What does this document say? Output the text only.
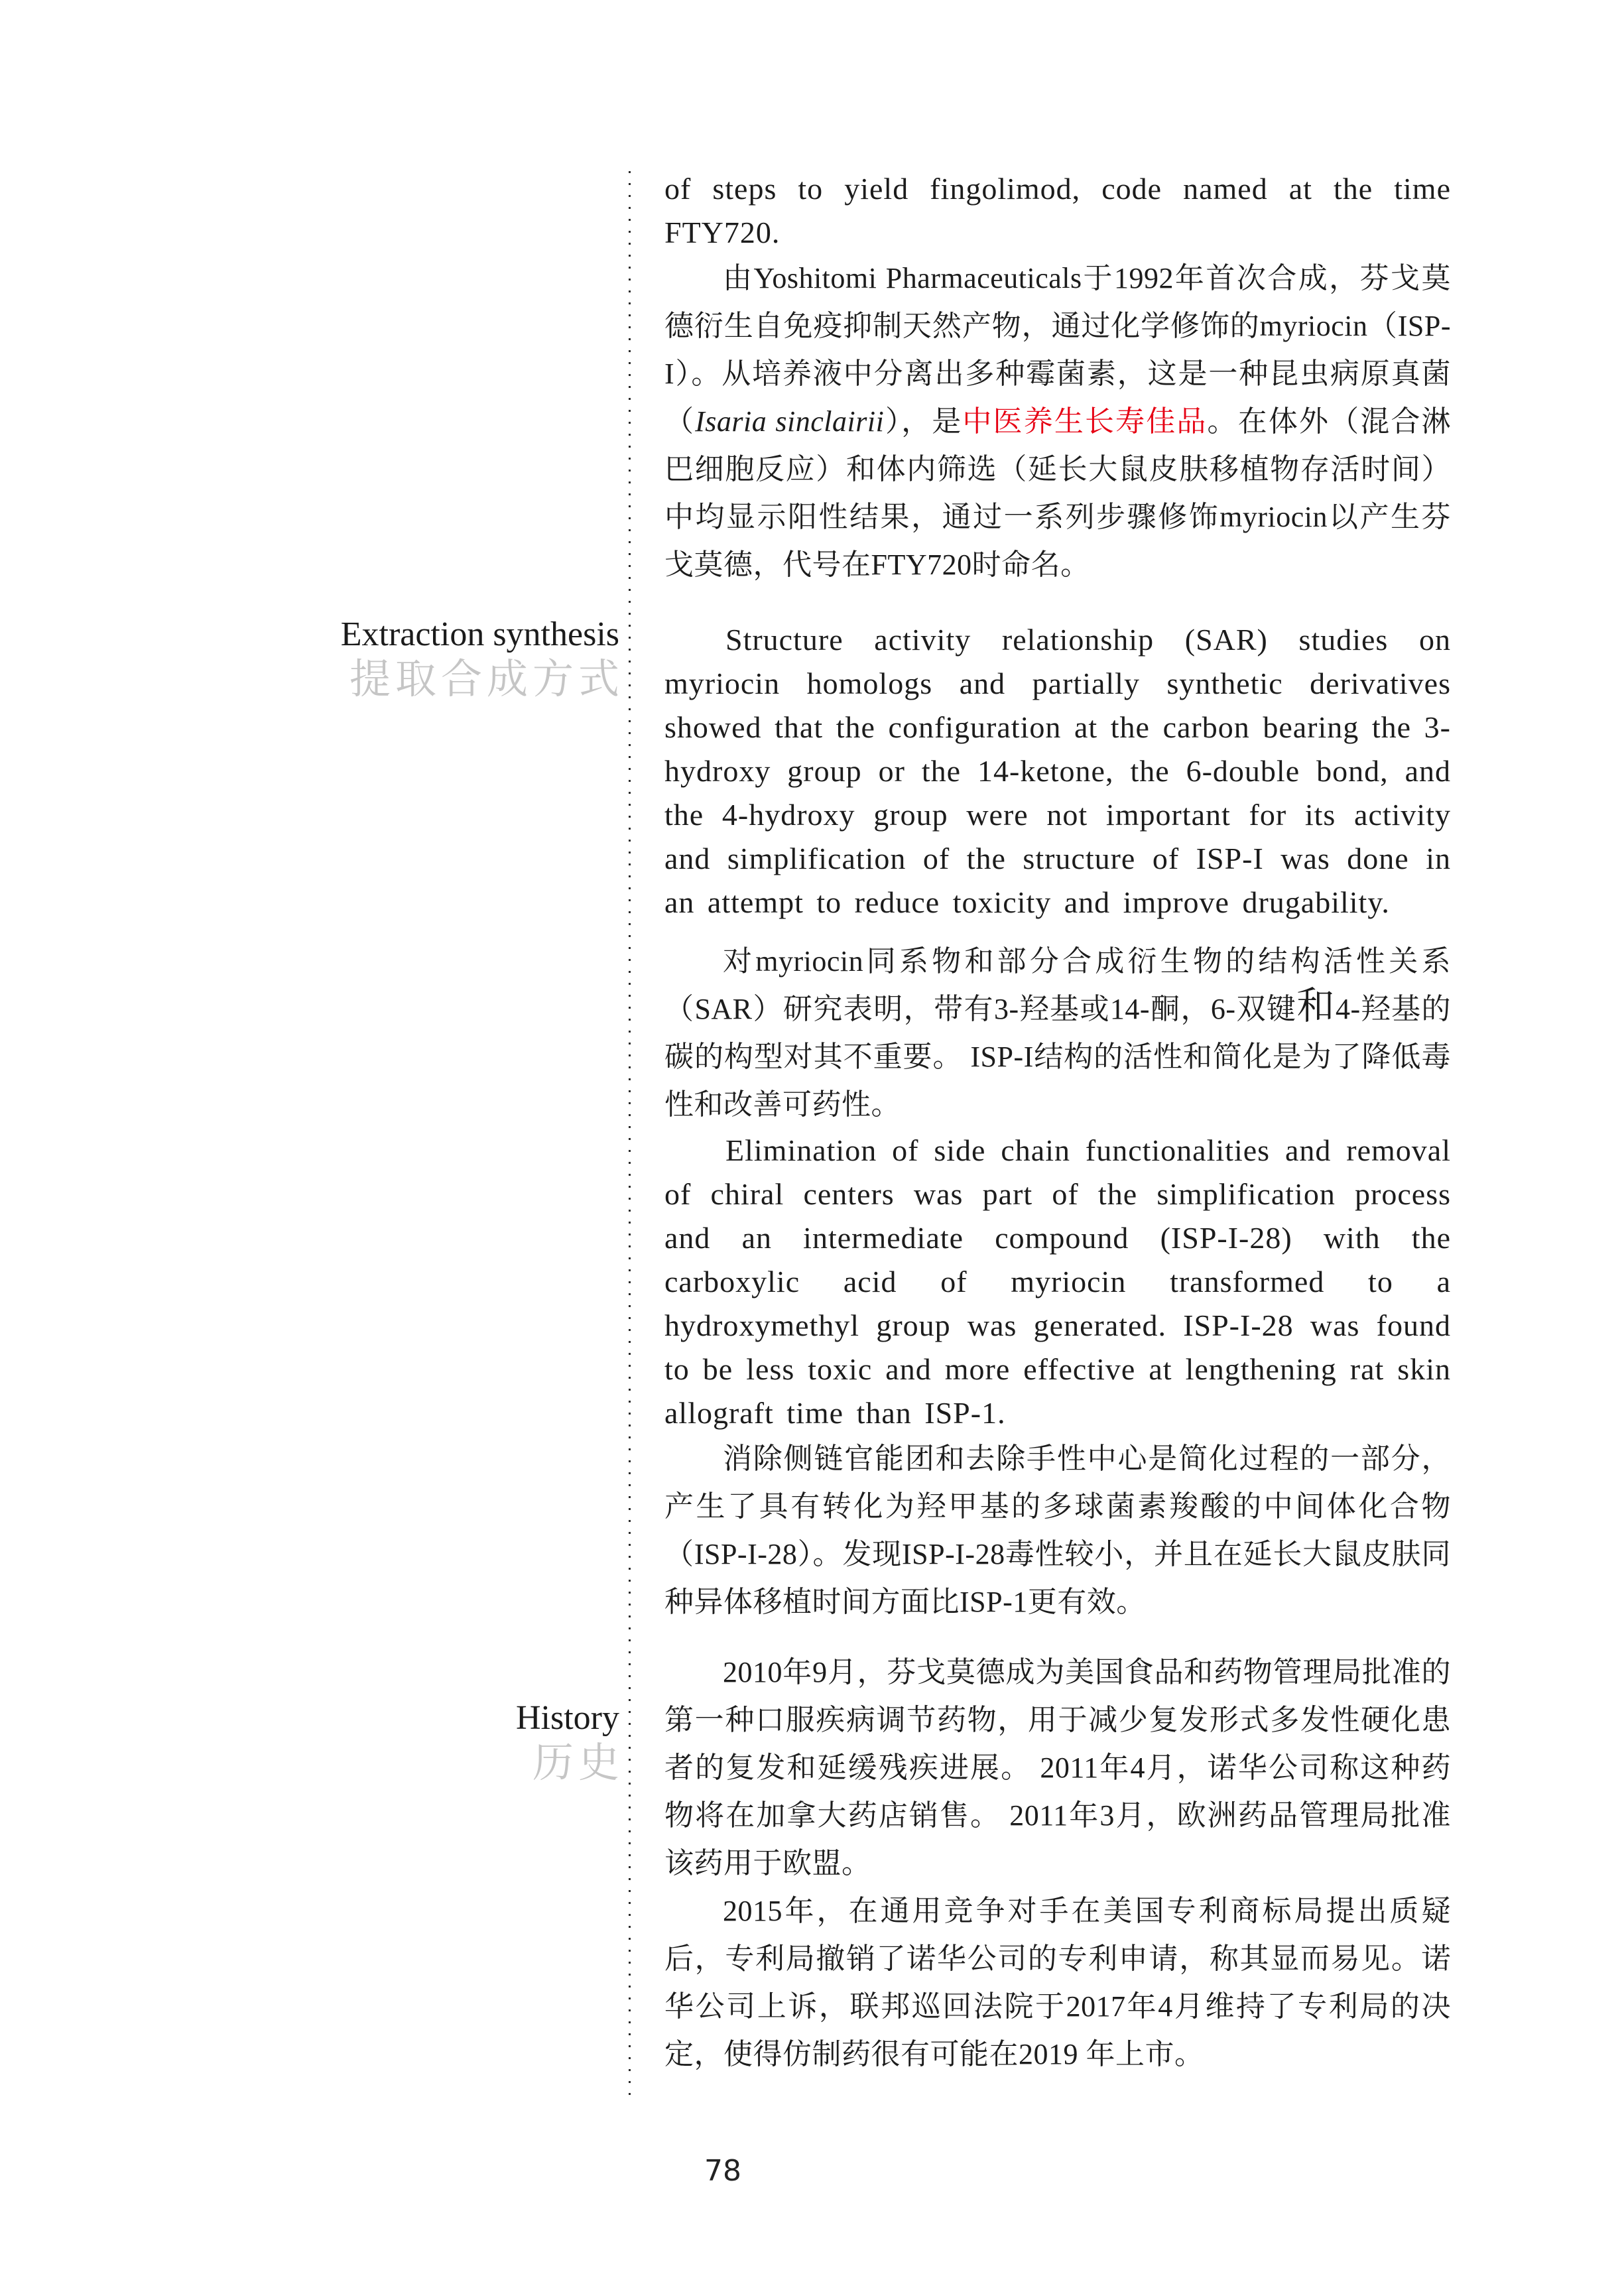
Extraction synthesis
提取合成方式
History
历史

of steps to yield fingolimod, code named at the time FTY720.

由Yoshitomi Pharmaceuticals于1992年首次合成，芬戈莫德衍生自免疫抑制天然产物，通过化学修饰的myriocin（ISP-I）。从培养液中分离出多种霉菌素，这是一种昆虫病原真菌（Isaria sinclairii），是中医养生长寿佳品。在体外（混合淋巴细胞反应）和体内筛选（延长大鼠皮肤移植物存活时间）中均显示阳性结果，通过一系列步骤修饰myriocin以产生芬戈莫德，代号在FTY720时命名。

Structure activity relationship (SAR) studies on myriocin homologs and partially synthetic derivatives showed that the configuration at the carbon bearing the 3-hydroxy group or the 14-ketone, the 6-double bond, and the 4-hydroxy group were not important for its activity and simplification of the structure of ISP-I was done in an attempt to reduce toxicity and improve drugability.

对myriocin同系物和部分合成衍生物的结构活性关系（SAR）研究表明，带有3-羟基或14-酮，6-双键和4-羟基的碳的构型对其不重要。 ISP-I结构的活性和简化是为了降低毒性和改善可药性。

Elimination of side chain functionalities and removal of chiral centers was part of the simplification process and an intermediate compound (ISP-I-28) with the carboxylic acid of myriocin transformed to a hydroxymethyl group was generated. ISP-I-28 was found to be less toxic and more effective at lengthening rat skin allograft time than ISP-1.

消除侧链官能团和去除手性中心是简化过程的一部分，产生了具有转化为羟甲基的多球菌素羧酸的中间体化合物（ISP-I-28）。发现ISP-I-28毒性较小，并且在延长大鼠皮肤同种异体移植时间方面比ISP-1更有效。

2010年9月，芬戈莫德成为美国食品和药物管理局批准的第一种口服疾病调节药物，用于减少复发形式多发性硬化患者的复发和延缓残疾进展。 2011年4月，诺华公司称这种药物将在加拿大药店销售。 2011年3月，欧洲药品管理局批准该药用于欧盟。

2015年，在通用竞争对手在美国专利商标局提出质疑后，专利局撤销了诺华公司的专利申请，称其显而易见。诺华公司上诉，联邦巡回法院于2017年4月维持了专利局的决定，使得仿制药很有可能在2019 年上市。

78
